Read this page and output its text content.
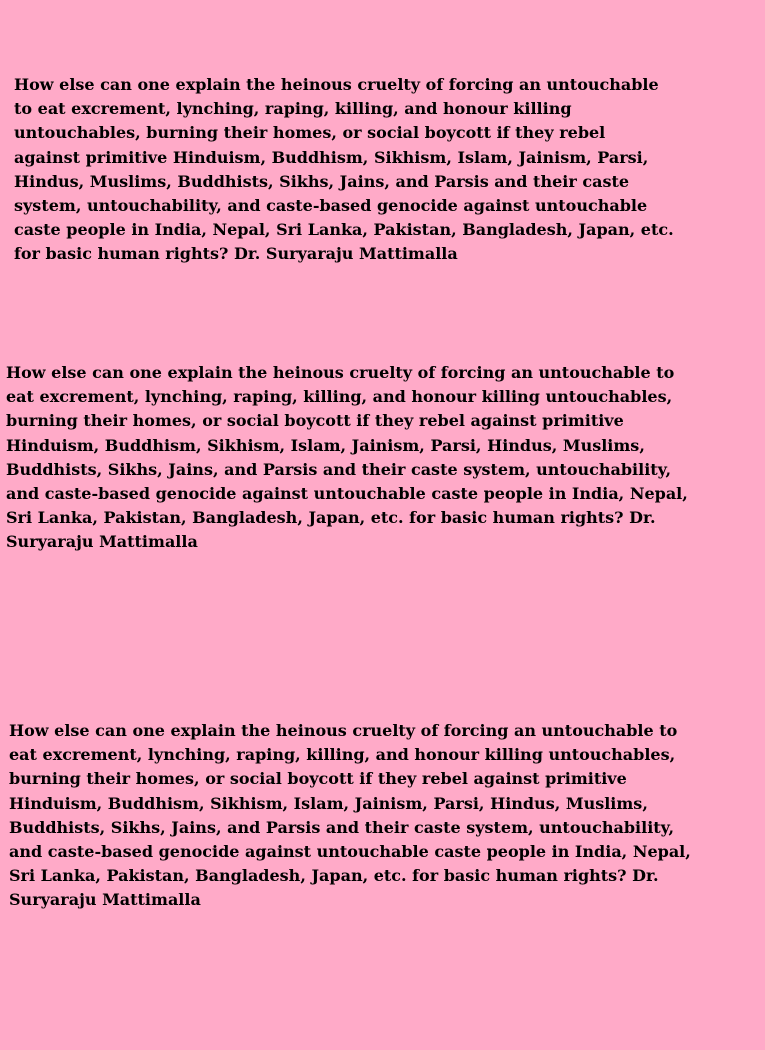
How else can one explain the heinous cruelty of forcing an untouchable to eat excrement, lynching, raping, killing, and honour killing untouchables, burning their homes, or social boycott if they rebel against primitive Hinduism, Buddhism, Sikhism, Islam, Jainism, Parsi, Hindus, Muslims, Buddhists, Sikhs, Jains, and Parsis and their caste system, untouchability, and caste-based genocide against untouchable caste people in India, Nepal, Sri Lanka, Pakistan, Bangladesh, Japan, etc. for basic human rights? Dr. Suryaraju Mattimalla

How else can one explain the heinous cruelty of forcing an untouchable to eat excrement, lynching, raping, killing, and honour killing untouchables, burning their homes, or social boycott if they rebel against primitive Hinduism, Buddhism, Sikhism, Islam, Jainism, Parsi, Hindus, Muslims, Buddhists, Sikhs, Jains, and Parsis and their caste system, untouchability, and caste-based genocide against untouchable caste people in India, Nepal, Sri Lanka, Pakistan, Bangladesh, Japan, etc. for basic human rights? Dr. Suryaraju Mattimalla

How else can one explain the heinous cruelty of forcing an untouchable to eat excrement, lynching, raping, killing, and honour killing untouchables, burning their homes, or social boycott if they rebel against primitive Hinduism, Buddhism, Sikhism, Islam, Jainism, Parsi, Hindus, Muslims, Buddhists, Sikhs, Jains, and Parsis and their caste system, untouchability, and caste-based genocide against untouchable caste people in India, Nepal, Sri Lanka, Pakistan, Bangladesh, Japan, etc. for basic human rights? Dr. Suryaraju Mattimalla
